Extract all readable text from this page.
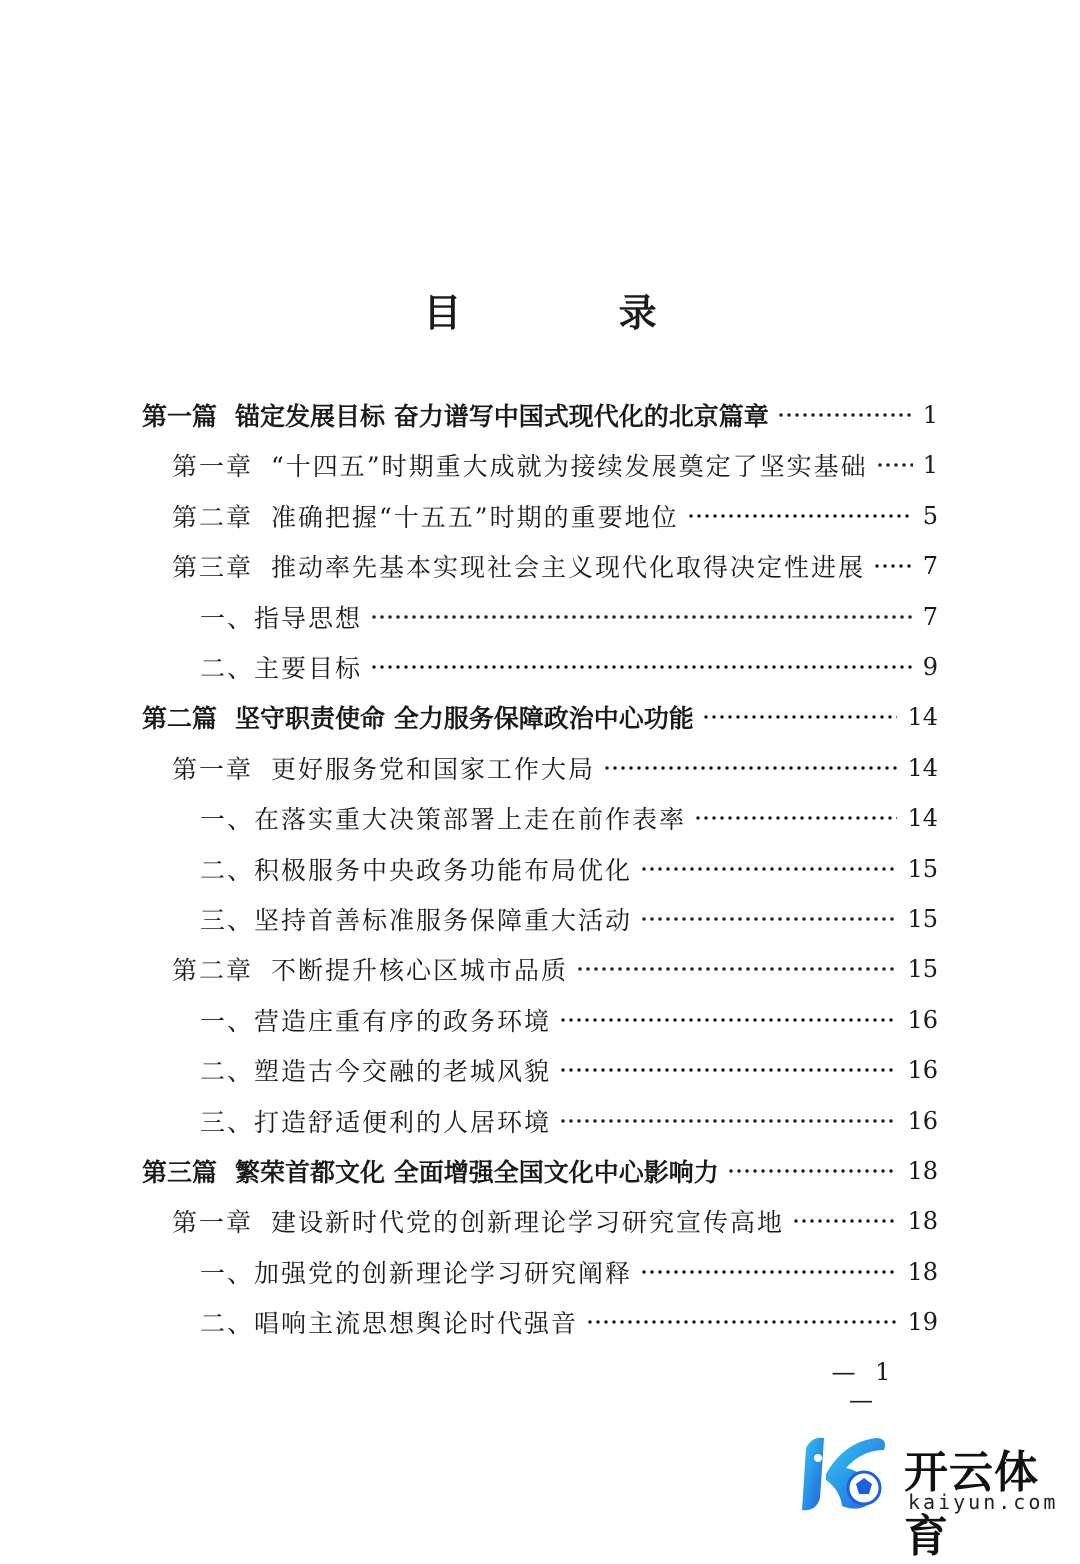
目 录
第一篇 锚定发展目标 奋力谱写中国式现代化的北京篇章	1
第一章 “十四五”时期重大成就为接续发展奠定了坚实基础 1
第二章 准确把握“十五五”时期的重要地位	5
第三章 推动率先基本实现社会主义现代化取得决定性进展 7
一、指导思想	7
二、主要目标	9
第二篇 坚守职责使命 全力服务保障政治中心功能	14
第一章 更好服务党和国家工作大局	14
一、在落实重大决策部署上走在前作表率	14
二、积极服务中央政务功能布局优化	15
三、坚持首善标准服务保障重大活动	15
第二章 不断提升核心区城市品质	15
一、营造庄重有序的政务环境	16
二、塑造古今交融的老城风貌	16
三、打造舒适便利的人居环境	16
第三篇 繁荣首都文化 全面增强全国文化中心影响力	18
第一章 建设新时代党的创新理论学习研究宣传高地	18
一、加强党的创新理论学习研究阐释	18
二、唱响主流思想舆论时代强音	19
— 1 —
开云体育
kaiyun.com
